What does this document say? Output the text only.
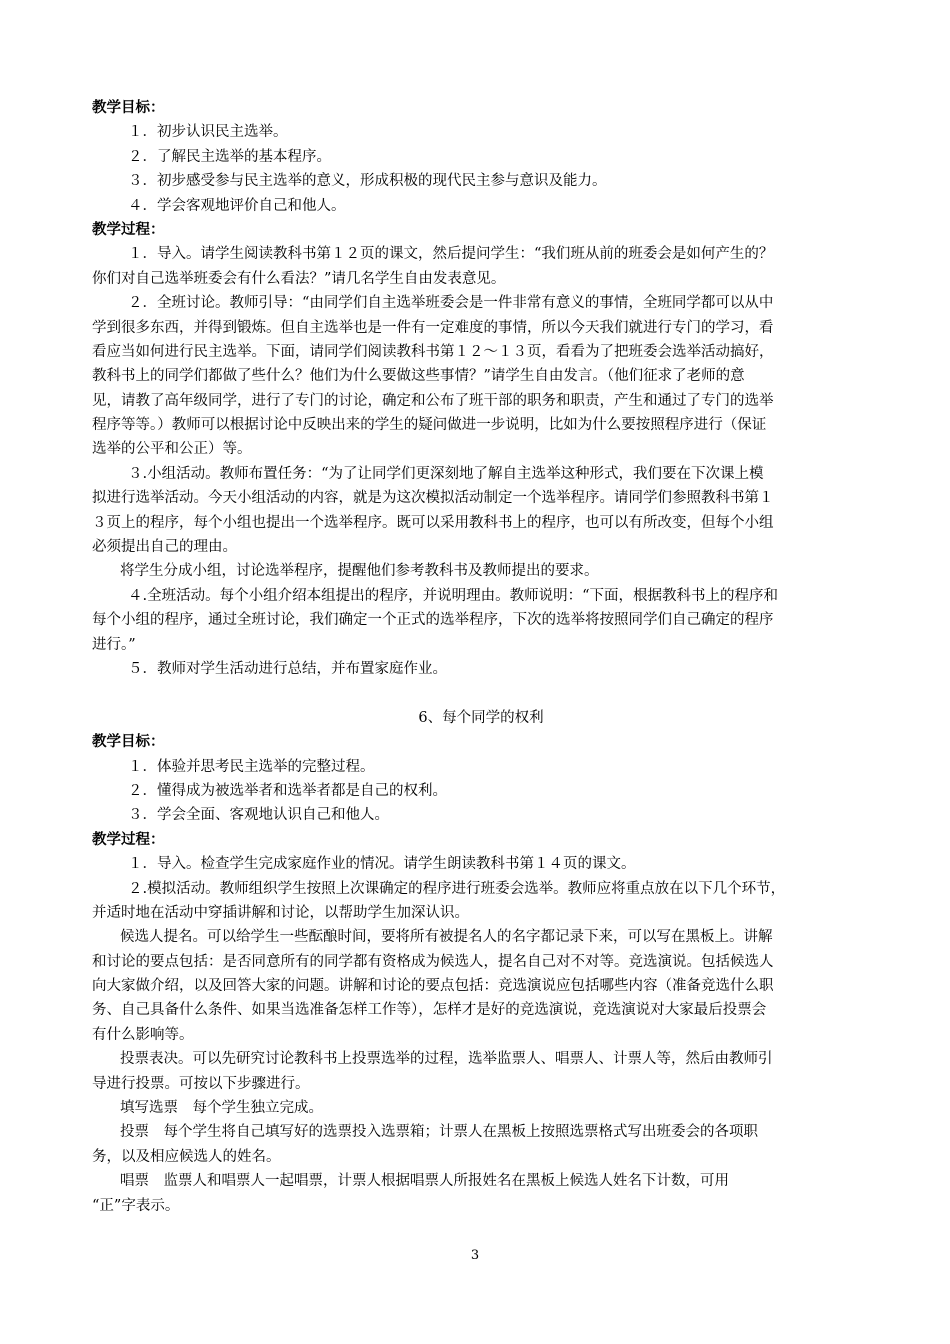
教学目标：
１．初步认识民主选举。
２．了解民主选举的基本程序。
３．初步感受参与民主选举的意义，形成积极的现代民主参与意识及能力。
４．学会客观地评价自己和他人。
教学过程：
１．导入。请学生阅读教科书第１２页的课文，然后提问学生：“我们班从前的班委会是如何产生的？
你们对自己选举班委会有什么看法？”请几名学生自由发表意见。
２．全班讨论。教师引导：“由同学们自主选举班委会是一件非常有意义的事情，全班同学都可以从中
学到很多东西，并得到锻炼。但自主选举也是一件有一定难度的事情，所以今天我们就进行专门的学习，看
看应当如何进行民主选举。下面，请同学们阅读教科书第１２～１３页，看看为了把班委会选举活动搞好，
教科书上的同学们都做了些什么？他们为什么要做这些事情？”请学生自由发言。（他们征求了老师的意
见，请教了高年级同学，进行了专门的讨论，确定和公布了班干部的职务和职责，产生和通过了专门的选举
程序等等。）教师可以根据讨论中反映出来的学生的疑问做进一步说明，比如为什么要按照程序进行（保证
选举的公平和公正）等。
３.小组活动。教师布置任务：“为了让同学们更深刻地了解自主选举这种形式，我们要在下次课上模
拟进行选举活动。今天小组活动的内容，就是为这次模拟活动制定一个选举程序。请同学们参照教科书第１
３页上的程序，每个小组也提出一个选举程序。既可以采用教科书上的程序，也可以有所改变，但每个小组
必须提出自己的理由。
将学生分成小组，讨论选举程序，提醒他们参考教科书及教师提出的要求。
４.全班活动。每个小组介绍本组提出的程序，并说明理由。教师说明：“下面，根据教科书上的程序和
每个小组的程序，通过全班讨论，我们确定一个正式的选举程序，下次的选举将按照同学们自己确定的程序
进行。”
５．教师对学生活动进行总结，并布置家庭作业。
6、每个同学的权利
教学目标：
１．体验并思考民主选举的完整过程。
２．懂得成为被选举者和选举者都是自己的权利。
３．学会全面、客观地认识自己和他人。
教学过程：
１．导入。检查学生完成家庭作业的情况。请学生朗读教科书第１４页的课文。
２.模拟活动。教师组织学生按照上次课确定的程序进行班委会选举。教师应将重点放在以下几个环节，
并适时地在活动中穿插讲解和讨论，以帮助学生加深认识。
候选人提名。可以给学生一些酝酿时间，要将所有被提名人的名字都记录下来，可以写在黑板上。讲解
和讨论的要点包括：是否同意所有的同学都有资格成为候选人，提名自己对不对等。竞选演说。包括候选人
向大家做介绍，以及回答大家的问题。讲解和讨论的要点包括：竞选演说应包括哪些内容（准备竞选什么职
务、自己具备什么条件、如果当选准备怎样工作等），怎样才是好的竞选演说，竞选演说对大家最后投票会
有什么影响等。
投票表决。可以先研究讨论教科书上投票选举的过程，选举监票人、唱票人、计票人等，然后由教师引
导进行投票。可按以下步骤进行。
填写选票　每个学生独立完成。
投票　每个学生将自己填写好的选票投入选票箱；计票人在黑板上按照选票格式写出班委会的各项职
务，以及相应候选人的姓名。
唱票　监票人和唱票人一起唱票，计票人根据唱票人所报姓名在黑板上候选人姓名下计数，可用
“正”字表示。
3
